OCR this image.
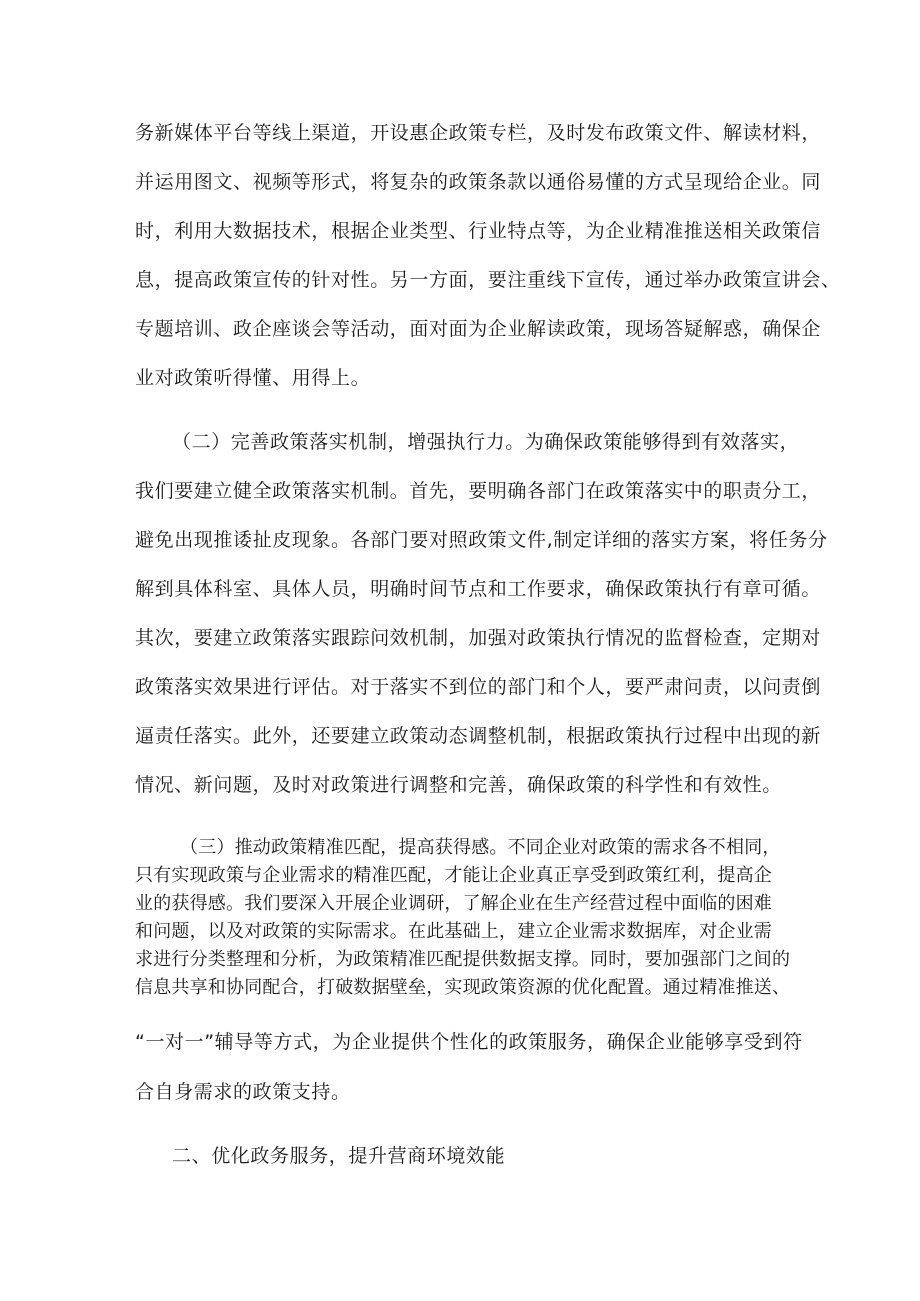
务新媒体平台等线上渠道，开设惠企政策专栏，及时发布政策文件、解读材料，
并运用图文、视频等形式，将复杂的政策条款以通俗易懂的方式呈现给企业。同
时，利用大数据技术，根据企业类型、行业特点等，为企业精准推送相关政策信
息，提高政策宣传的针对性。另一方面，要注重线下宣传，通过举办政策宣讲会、
专题培训、政企座谈会等活动，面对面为企业解读政策，现场答疑解惑，确保企
业对政策听得懂、用得上。
（二）完善政策落实机制，增强执行力。为确保政策能够得到有效落实，
我们要建立健全政策落实机制。首先，要明确各部门在政策落实中的职责分工，
避免出现推诿扯皮现象。各部门要对照政策文件,制定详细的落实方案，将任务分
解到具体科室、具体人员，明确时间节点和工作要求，确保政策执行有章可循。
其次，要建立政策落实跟踪问效机制，加强对政策执行情况的监督检查，定期对
政策落实效果进行评估。对于落实不到位的部门和个人，要严肃问责，以问责倒
逼责任落实。此外，还要建立政策动态调整机制，根据政策执行过程中出现的新
情况、新问题，及时对政策进行调整和完善，确保政策的科学性和有效性。
（三）推动政策精准匹配，提高获得感。不同企业对政策的需求各不相同，
只有实现政策与企业需求的精准匹配，才能让企业真正享受到政策红利，提高企
业的获得感。我们要深入开展企业调研，了解企业在生产经营过程中面临的困难
和问题，以及对政策的实际需求。在此基础上，建立企业需求数据库，对企业需
求进行分类整理和分析，为政策精准匹配提供数据支撑。同时，要加强部门之间的
信息共享和协同配合，打破数据壁垒，实现政策资源的优化配置。通过精准推送、
“一对一”辅导等方式，为企业提供个性化的政策服务，确保企业能够享受到符
合自身需求的政策支持。
二、优化政务服务，提升营商环境效能
